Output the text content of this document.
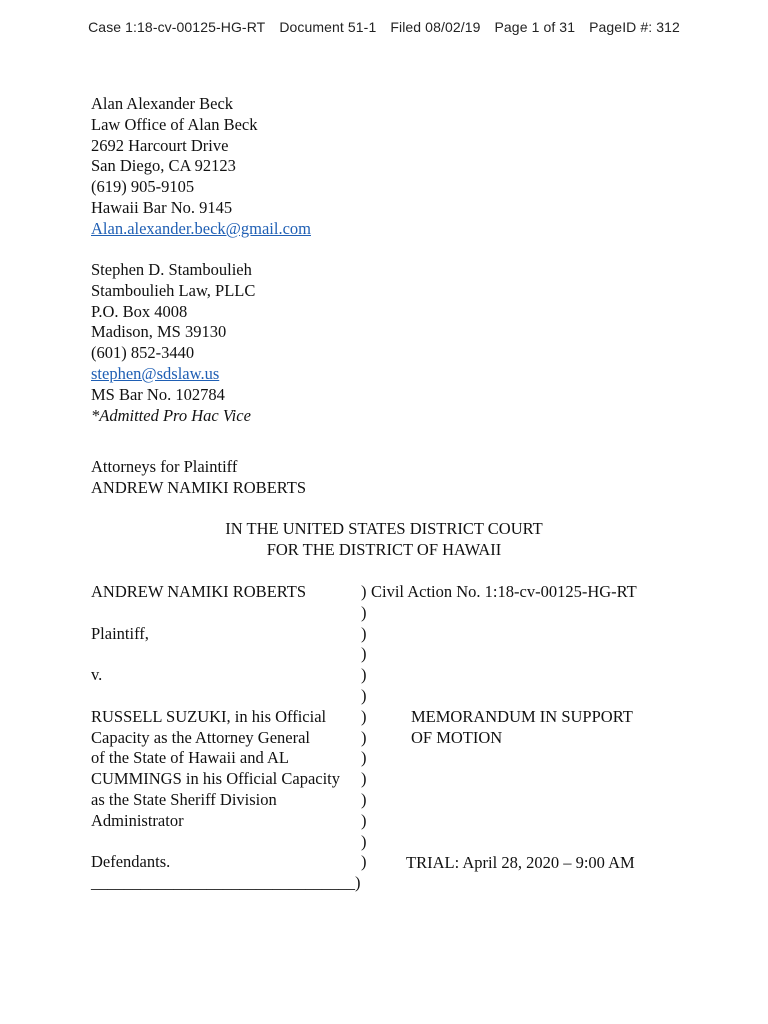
Case 1:18-cv-00125-HG-RT Document 51-1 Filed 08/02/19 Page 1 of 31 PageID #: 312
Alan Alexander Beck
Law Office of Alan Beck
2692 Harcourt Drive
San Diego, CA 92123
(619) 905-9105
Hawaii Bar No. 9145
Alan.alexander.beck@gmail.com
Stephen D. Stamboulieh
Stamboulieh Law, PLLC
P.O. Box 4008
Madison, MS 39130
(601) 852-3440
stephen@sdslaw.us
MS Bar No. 102784
*Admitted Pro Hac Vice
Attorneys for Plaintiff
ANDREW NAMIKI ROBERTS
IN THE UNITED STATES DISTRICT COURT
FOR THE DISTRICT OF HAWAII
ANDREW NAMIKI ROBERTS

Plaintiff,

v.

RUSSELL SUZUKI, in his Official
Capacity as the Attorney General
of the State of Hawaii and AL
CUMMINGS in his Official Capacity
as the State Sheriff Division
Administrator

Defendants.
)
)
)
)
)
)
)
)
)
)
)
)
)
)
Civil Action No. 1:18-cv-00125-HG-RT
MEMORANDUM IN SUPPORT
OF MOTION
TRIAL: April 28, 2020 – 9:00 AM
________________________________)
